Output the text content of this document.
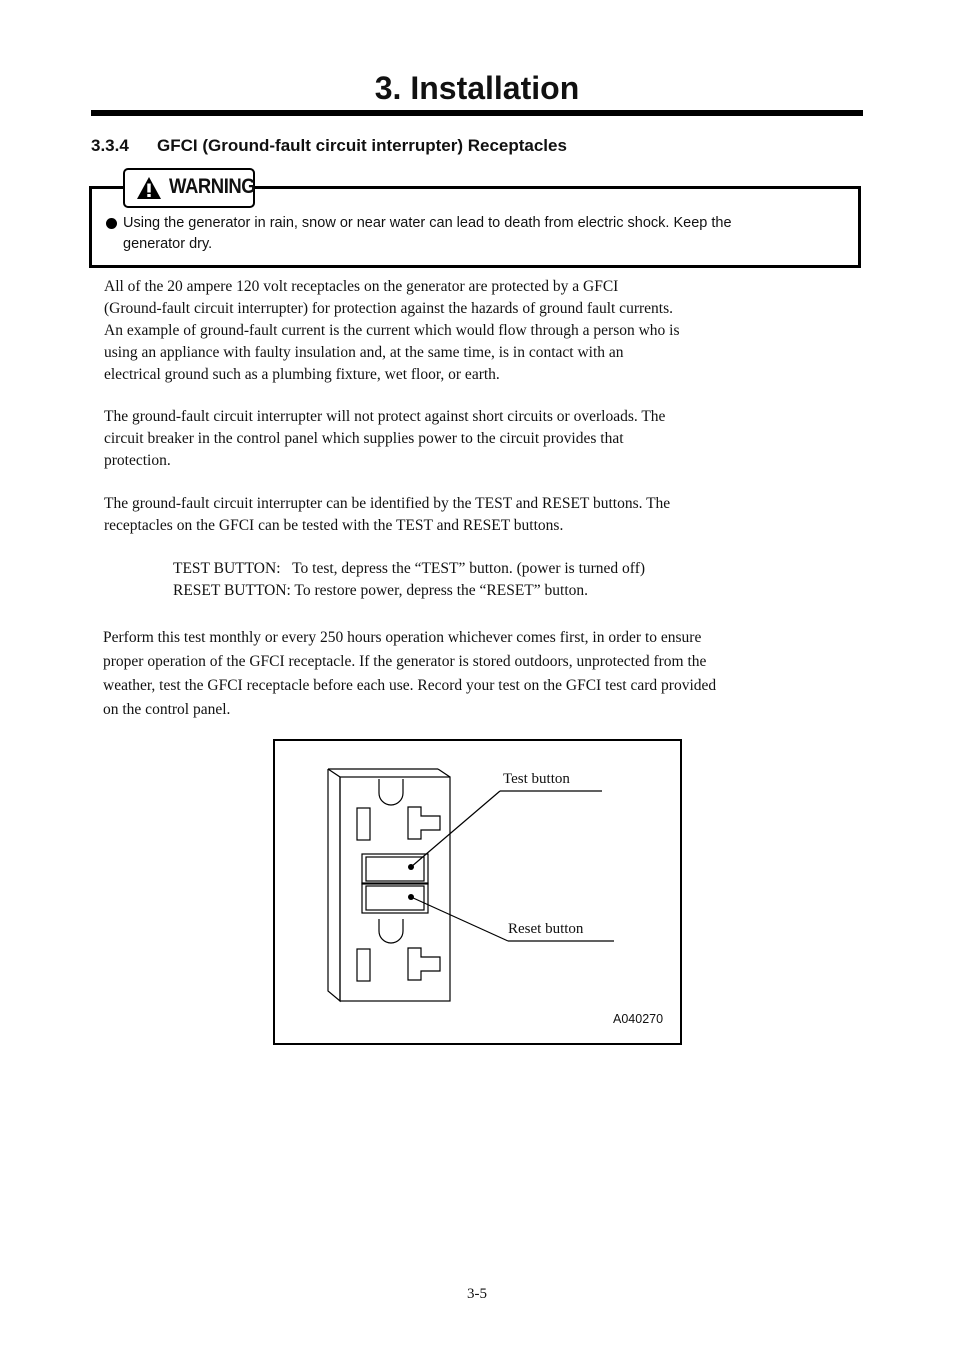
3. Installation
3.3.4 GFCI (Ground-fault circuit interrupter) Receptacles
WARNING
Using the generator in rain, snow or near water can lead to death from electric shock. Keep the
generator dry.
All of the 20 ampere 120 volt receptacles on the generator are protected by a GFCI
(Ground-fault circuit interrupter) for protection against the hazards of ground fault currents.
An example of ground-fault current is the current which would flow through a person who is
using an appliance with faulty insulation and, at the same time, is in contact with an
electrical ground such as a plumbing fixture, wet floor, or earth.
The ground-fault circuit interrupter will not protect against short circuits or overloads. The
circuit breaker in the control panel which supplies power to the circuit provides that
protection.
The ground-fault circuit interrupter can be identified by the TEST and RESET buttons. The
receptacles on the GFCI can be tested with the TEST and RESET buttons.
TEST BUTTON:   To test, depress the “TEST” button. (power is turned off)
RESET BUTTON: To restore power, depress the “RESET” button.
Perform this test monthly or every 250 hours operation whichever comes first, in order to ensure
proper operation of the GFCI receptacle. If the generator is stored outdoors, unprotected from the
weather, test the GFCI receptacle before each use. Record your test on the GFCI test card provided
on the control panel.
Test button
Reset button
A040270
3-5
